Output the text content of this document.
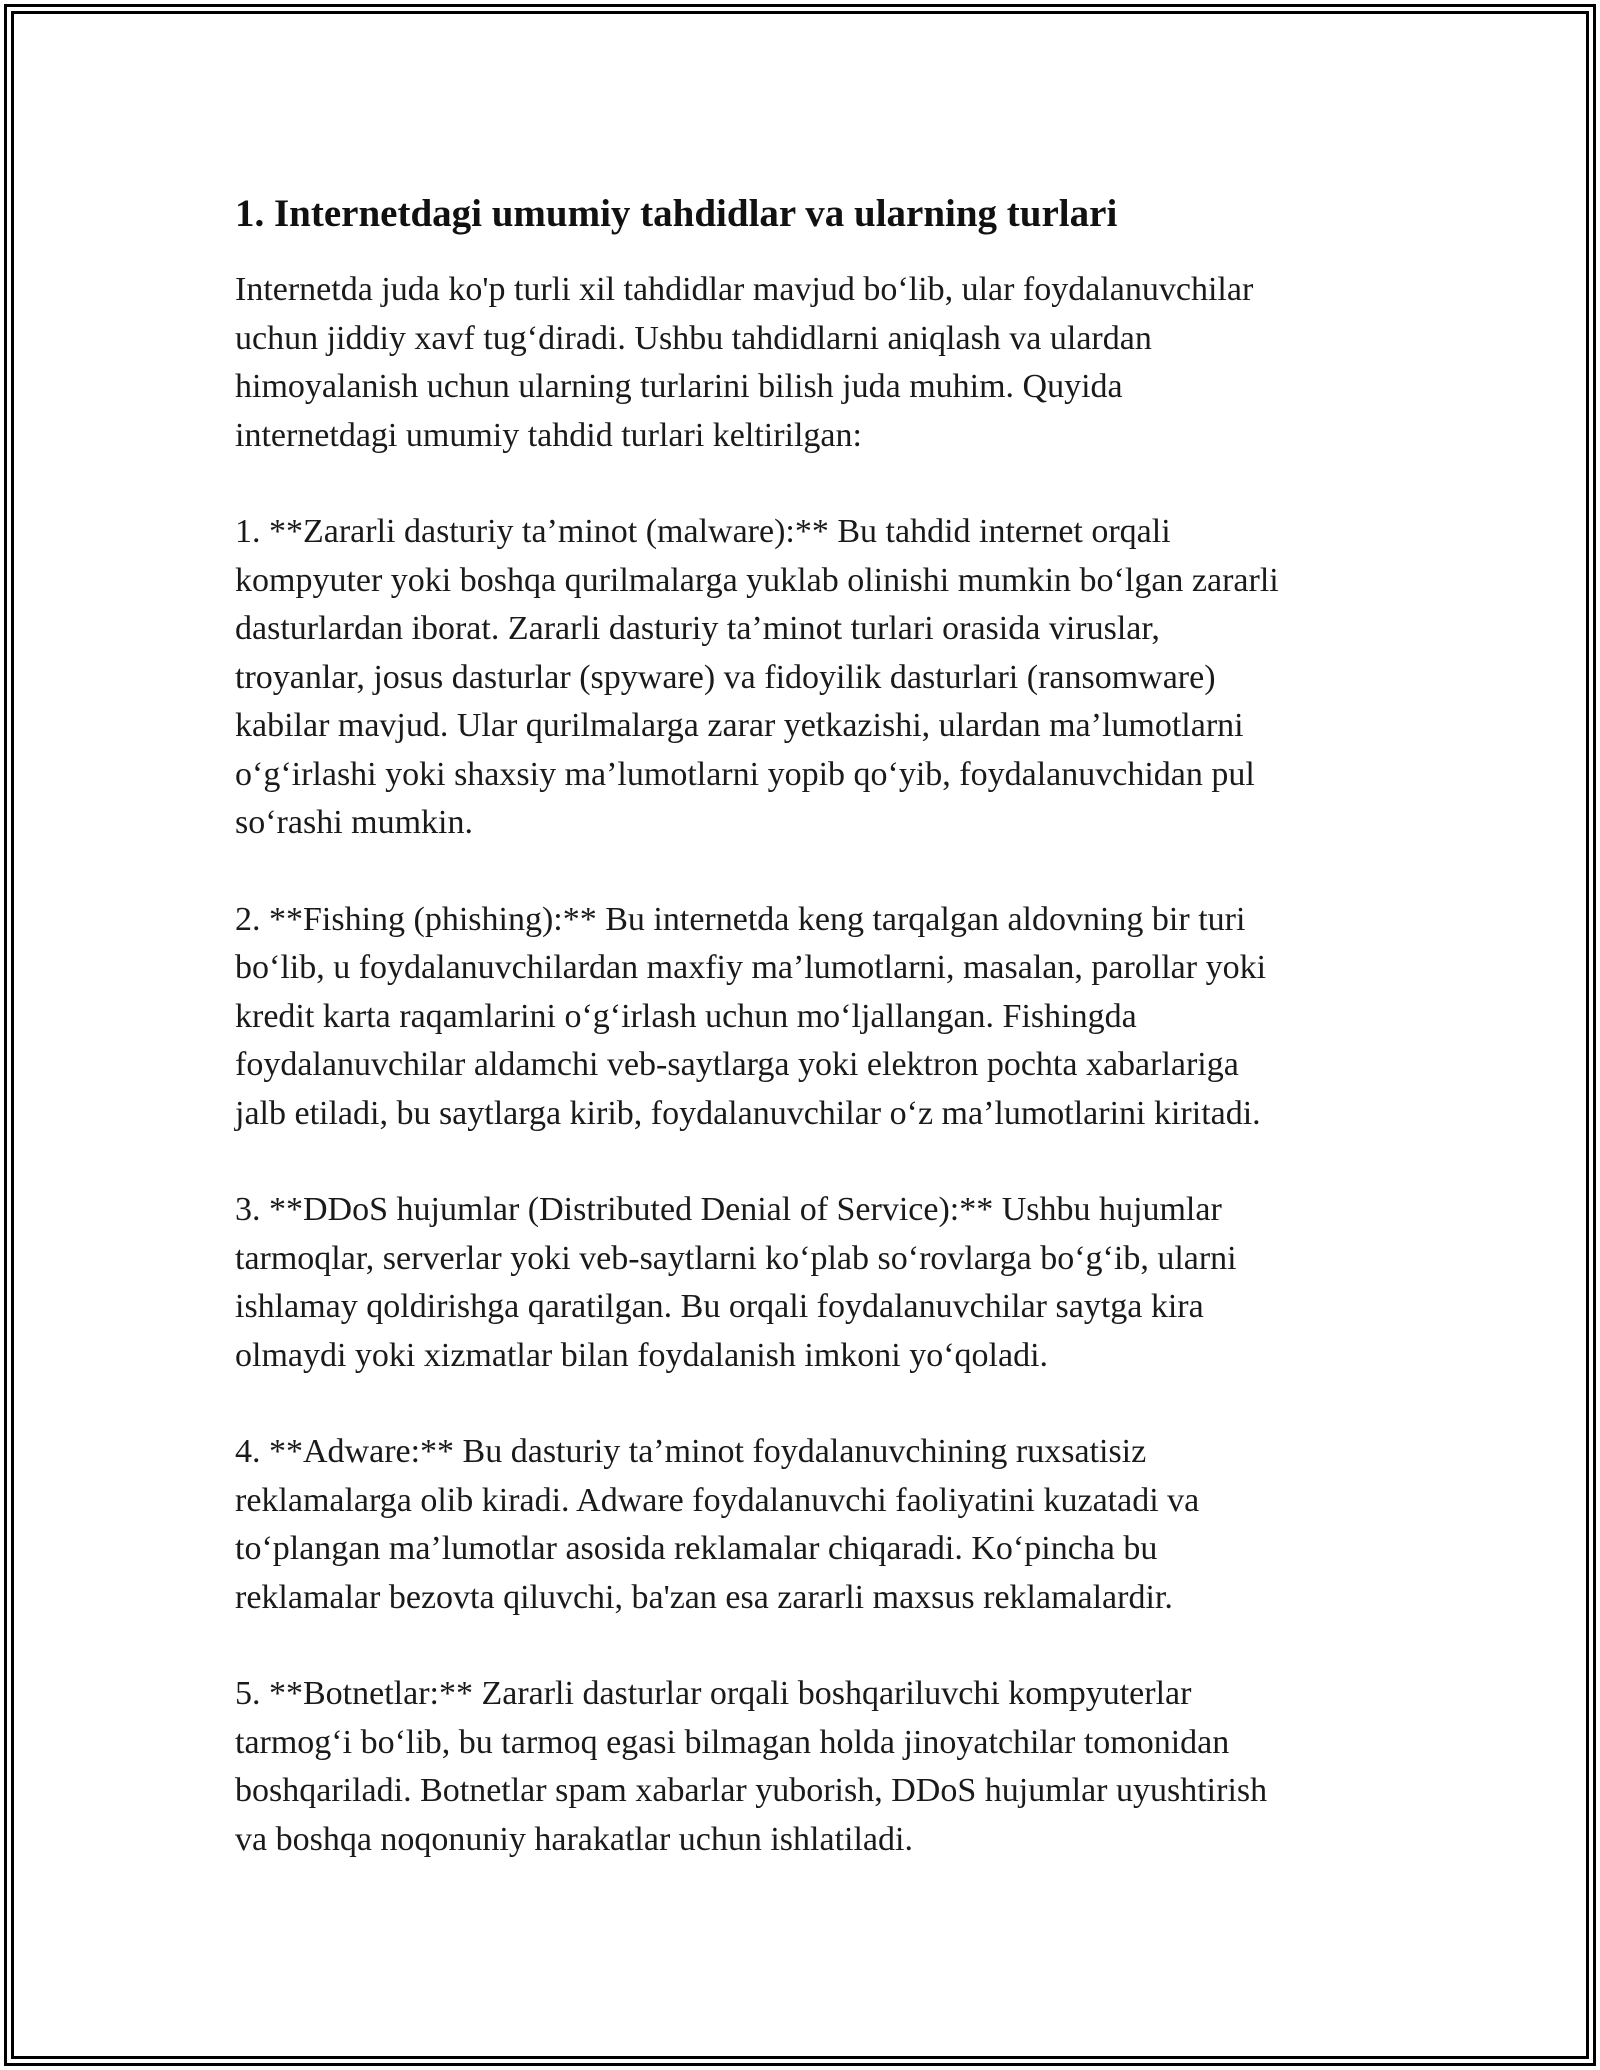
1. Internetdagi umumiy tahdidlar va ularning turlari

Internetda juda ko'p turli xil tahdidlar mavjud bo‘lib, ular foydalanuvchilar
uchun jiddiy xavf tug‘diradi. Ushbu tahdidlarni aniqlash va ulardan
himoyalanish uchun ularning turlarini bilish juda muhim. Quyida
internetdagi umumiy tahdid turlari keltirilgan:

1. **Zararli dasturiy ta’minot (malware):** Bu tahdid internet orqali
kompyuter yoki boshqa qurilmalarga yuklab olinishi mumkin bo‘lgan zararli
dasturlardan iborat. Zararli dasturiy ta’minot turlari orasida viruslar,
troyanlar, josus dasturlar (spyware) va fidoyilik dasturlari (ransomware)
kabilar mavjud. Ular qurilmalarga zarar yetkazishi, ulardan ma’lumotlarni
o‘g‘irlashi yoki shaxsiy ma’lumotlarni yopib qo‘yib, foydalanuvchidan pul
so‘rashi mumkin.

2. **Fishing (phishing):** Bu internetda keng tarqalgan aldovning bir turi
bo‘lib, u foydalanuvchilardan maxfiy ma’lumotlarni, masalan, parollar yoki
kredit karta raqamlarini o‘g‘irlash uchun mo‘ljallangan. Fishingda
foydalanuvchilar aldamchi veb-saytlarga yoki elektron pochta xabarlariga
jalb etiladi, bu saytlarga kirib, foydalanuvchilar o‘z ma’lumotlarini kiritadi.

3. **DDoS hujumlar (Distributed Denial of Service):** Ushbu hujumlar
tarmoqlar, serverlar yoki veb-saytlarni ko‘plab so‘rovlarga bo‘g‘ib, ularni
ishlamay qoldirishga qaratilgan. Bu orqali foydalanuvchilar saytga kira
olmaydi yoki xizmatlar bilan foydalanish imkoni yo‘qoladi.

4. **Adware:** Bu dasturiy ta’minot foydalanuvchining ruxsatisiz
reklamalarga olib kiradi. Adware foydalanuvchi faoliyatini kuzatadi va
to‘plangan ma’lumotlar asosida reklamalar chiqaradi. Ko‘pincha bu
reklamalar bezovta qiluvchi, ba'zan esa zararli maxsus reklamalardir.

5. **Botnetlar:** Zararli dasturlar orqali boshqariluvchi kompyuterlar
tarmog‘i bo‘lib, bu tarmoq egasi bilmagan holda jinoyatchilar tomonidan
boshqariladi. Botnetlar spam xabarlar yuborish, DDoS hujumlar uyushtirish
va boshqa noqonuniy harakatlar uchun ishlatiladi.
